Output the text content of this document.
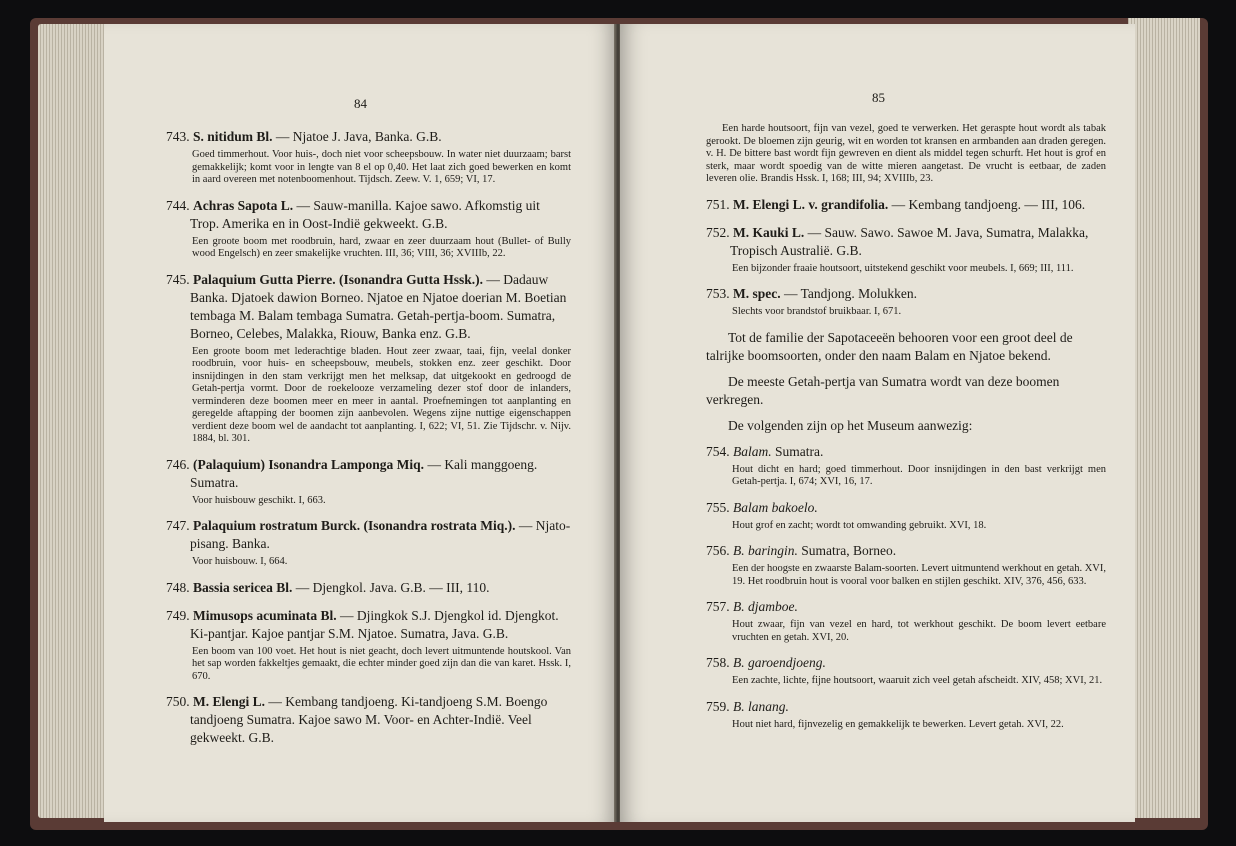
84

743. S. nitidum Bl. — Njatoe J. Java, Banka. G.B.

Goed timmerhout. Voor huis-, doch niet voor scheepsbouw. In water niet duurzaam; barst gemakkelijk; komt voor in lengte van 8 el op 0,40. Het laat zich goed bewerken en komt in aard overeen met notenboomenhout. Tijdsch. Zeew. V. 1, 659; VI, 17.

744. Achras Sapota L. — Sauw-manilla. Kajoe sawo. Afkomstig uit Trop. Amerika en in Oost-Indië gekweekt. G.B.

Een groote boom met roodbruin, hard, zwaar en zeer duurzaam hout (Bullet- of Bully wood Engelsch) en zeer smakelijke vruchten. III, 36; VIII, 36; XVIIIb, 22.

745. Palaquium Gutta Pierre. (Isonandra Gutta Hssk.). — Dadauw Banka. Djatoek dawion Borneo. Njatoe en Njatoe doerian M. Boetian tembaga M. Balam tembaga Sumatra. Getah-pertja-boom. Sumatra, Borneo, Celebes, Malakka, Riouw, Banka enz. G.B.

Een groote boom met lederachtige bladen. Hout zeer zwaar, taai, fijn, veelal donker roodbruin, voor huis- en scheepsbouw, meubels, stokken enz. zeer geschikt. Door insnijdingen in den stam verkrijgt men het melksap, dat uitgekookt en gedroogd de Getah-pertja vormt. Door de roekelooze verzameling dezer stof door de inlanders, verminderen deze boomen meer en meer in aantal. Proefnemingen tot aanplanting en geregelde aftapping der boomen zijn aanbevolen. Wegens zijne nuttige eigenschappen verdient deze boom wel de aandacht tot aanplanting. I, 622; VI, 51. Zie Tijdschr. v. Nijv. 1884, bl. 301.

746. (Palaquium) Isonandra Lamponga Miq. — Kali manggoeng. Sumatra.

Voor huisbouw geschikt. I, 663.

747. Palaquium rostratum Burck. (Isonandra rostrata Miq.). — Njato-pisang. Banka.

Voor huisbouw. I, 664.

748. Bassia sericea Bl. — Djengkol. Java. G.B. — III, 110.

749. Mimusops acuminata Bl. — Djingkok S.J. Djengkol id. Djengkot. Ki-pantjar. Kajoe pantjar S.M. Njatoe. Sumatra, Java. G.B.

Een boom van 100 voet. Het hout is niet geacht, doch levert uitmuntende houtskool. Van het sap worden fakkeltjes gemaakt, die echter minder goed zijn dan die van karet. Hssk. I, 670.

750. M. Elengi L. — Kembang tandjoeng. Ki-tandjoeng S.M. Boengo tandjoeng Sumatra. Kajoe sawo M. Voor- en Achter-Indië. Veel gekweekt. G.B.

85
Een harde houtsoort, fijn van vezel, goed te verwerken. Het geraspte hout wordt als tabak gerookt. De bloemen zijn geurig, wit en worden tot kransen en armbanden aan draden geregen. v. H. De bittere bast wordt fijn gewreven en dient als middel tegen schurft. Het hout is grof en sterk, maar wordt spoedig van de witte mieren aangetast. De vrucht is eetbaar, de zaden leveren olie. Brandis Hssk. I, 168; III, 94; XVIIIb, 23.

751. M. Elengi L. v. grandifolia. — Kembang tandjoeng. — III, 106.

752. M. Kauki L. — Sauw. Sawo. Sawoe M. Java, Sumatra, Malakka, Tropisch Australië. G.B.

Een bijzonder fraaie houtsoort, uitstekend geschikt voor meubels. I, 669; III, 111.

753. M. spec. — Tandjong. Molukken.

Slechts voor brandstof bruikbaar. I, 671.

Tot de familie der Sapotaceeën behooren voor een groot deel de talrijke boomsoorten, onder den naam Balam en Njatoe bekend.

De meeste Getah-pertja van Sumatra wordt van deze boomen verkregen.

De volgenden zijn op het Museum aanwezig:

754. Balam. Sumatra.

Hout dicht en hard; goed timmerhout. Door insnijdingen in den bast verkrijgt men Getah-pertja. I, 674; XVI, 16, 17.

755. Balam bakoelo.

Hout grof en zacht; wordt tot omwanding gebruikt. XVI, 18.

756. B. baringin. Sumatra, Borneo.

Een der hoogste en zwaarste Balam-soorten. Levert uitmuntend werkhout en getah. XVI, 19. Het roodbruin hout is vooral voor balken en stijlen geschikt. XIV, 376, 456, 633.

757. B. djamboe.

Hout zwaar, fijn van vezel en hard, tot werkhout geschikt. De boom levert eetbare vruchten en getah. XVI, 20.

758. B. garoendjoeng.

Een zachte, lichte, fijne houtsoort, waaruit zich veel getah afscheidt. XIV, 458; XVI, 21.

759. B. lanang.

Hout niet hard, fijnvezelig en gemakkelijk te bewerken. Levert getah. XVI, 22.
